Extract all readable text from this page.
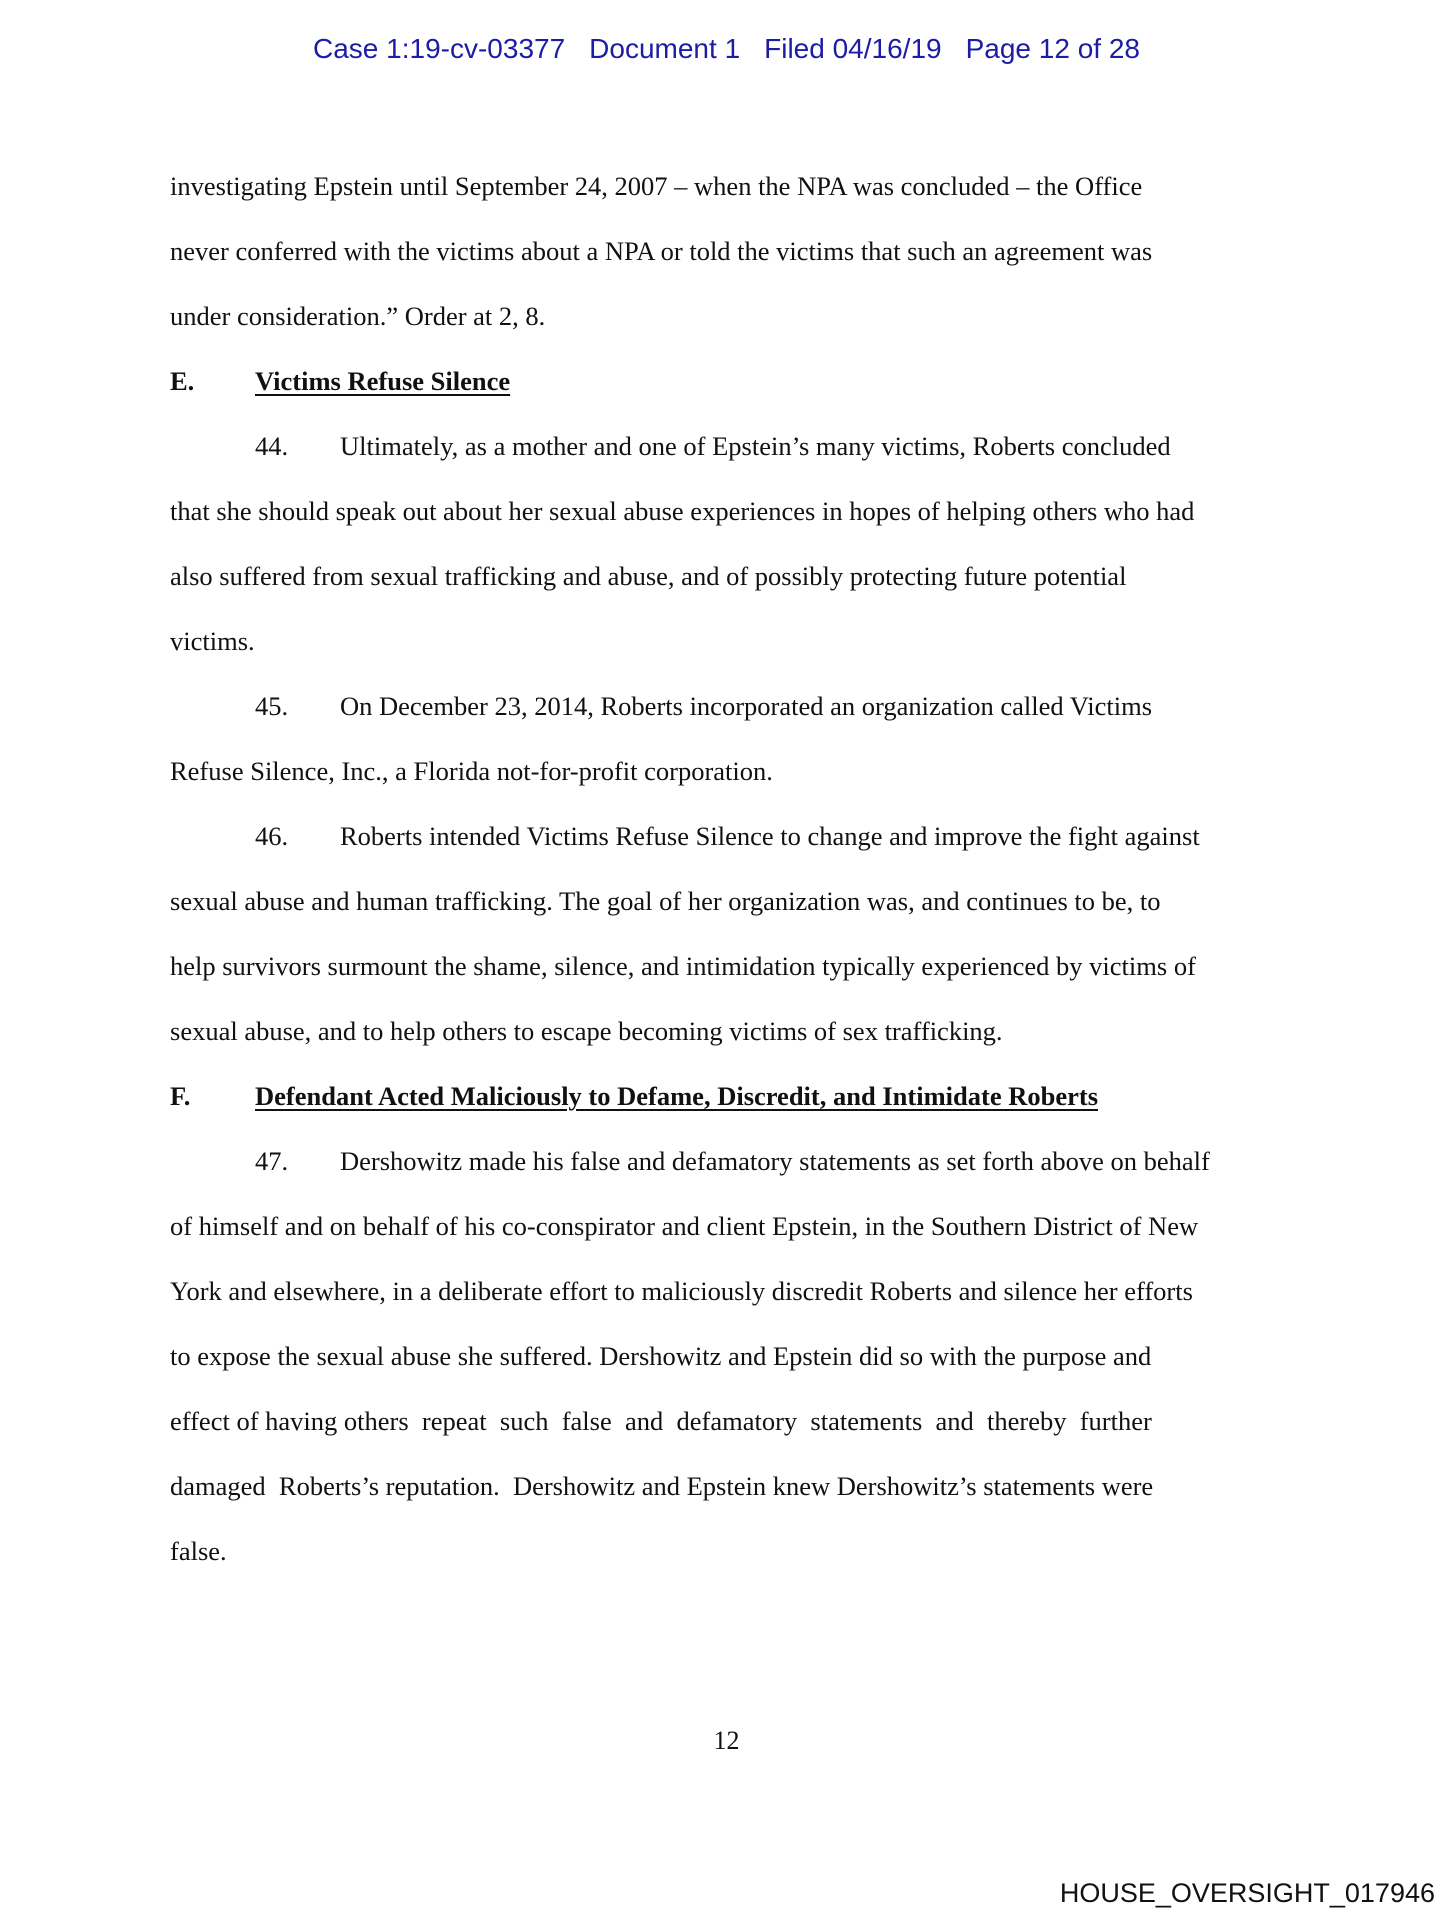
Case 1:19-cv-03377 Document 1 Filed 04/16/19 Page 12 of 28
investigating Epstein until September 24, 2007 – when the NPA was concluded – the Office
never conferred with the victims about a NPA or told the victims that such an agreement was
under consideration.” Order at 2, 8.
E. Victims Refuse Silence
44. Ultimately, as a mother and one of Epstein’s many victims, Roberts concluded
that she should speak out about her sexual abuse experiences in hopes of helping others who had
also suffered from sexual trafficking and abuse, and of possibly protecting future potential
victims.
45. On December 23, 2014, Roberts incorporated an organization called Victims
Refuse Silence, Inc., a Florida not-for-profit corporation.
46. Roberts intended Victims Refuse Silence to change and improve the fight against
sexual abuse and human trafficking. The goal of her organization was, and continues to be, to
help survivors surmount the shame, silence, and intimidation typically experienced by victims of
sexual abuse, and to help others to escape becoming victims of sex trafficking.
F. Defendant Acted Maliciously to Defame, Discredit, and Intimidate Roberts
47. Dershowitz made his false and defamatory statements as set forth above on behalf
of himself and on behalf of his co-conspirator and client Epstein, in the Southern District of New
York and elsewhere, in a deliberate effort to maliciously discredit Roberts and silence her efforts
to expose the sexual abuse she suffered. Dershowitz and Epstein did so with the purpose and
effect of having others  repeat  such  false  and  defamatory  statements  and  thereby  further
damaged  Roberts’s reputation.  Dershowitz and Epstein knew Dershowitz’s statements were
false.
12
HOUSE_OVERSIGHT_017946
